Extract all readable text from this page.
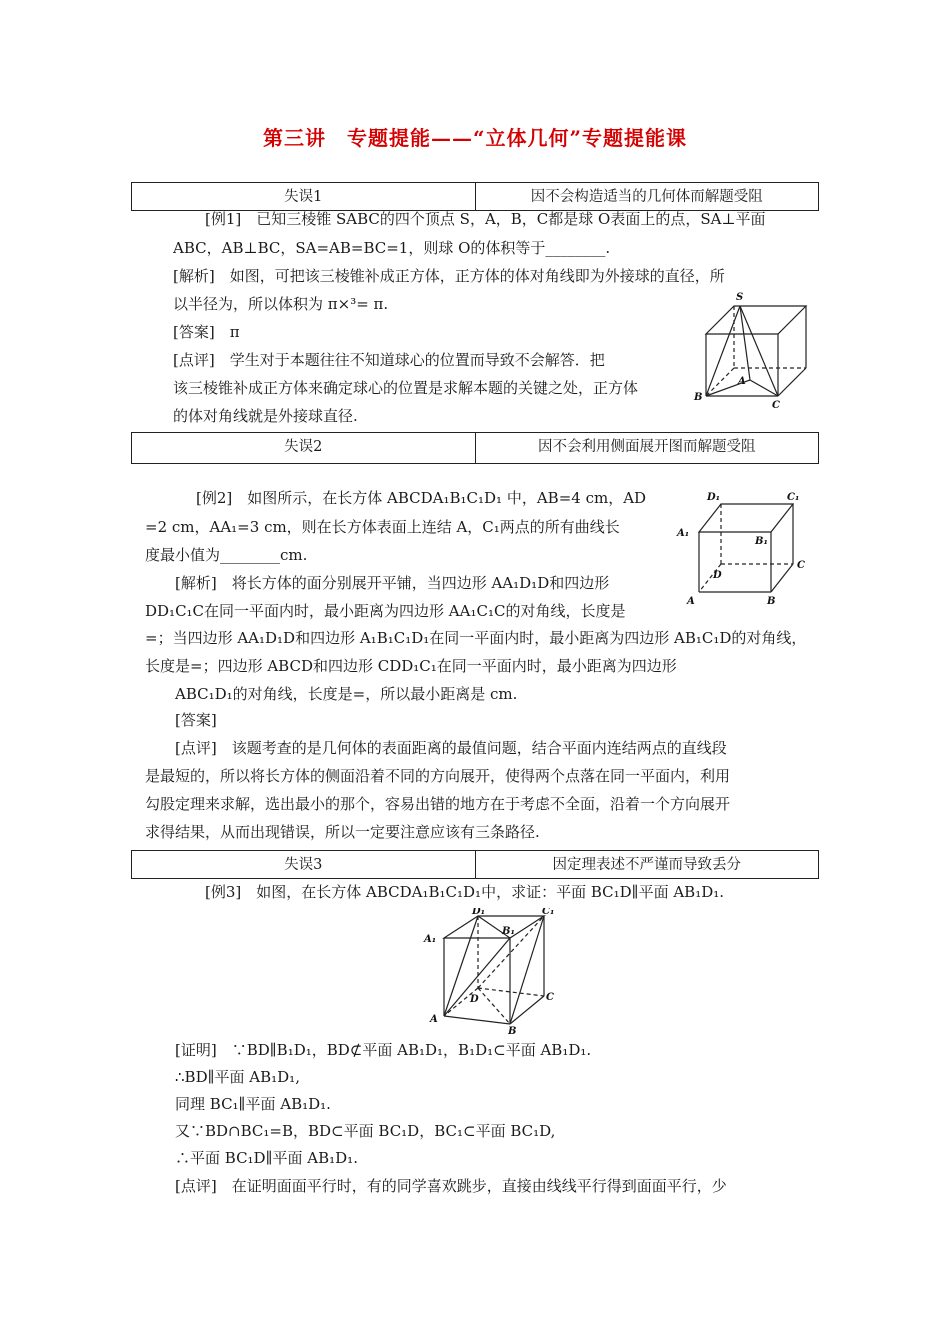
第三讲　专题提能——“立体几何”专题提能课
失误1	因不会构造适当的几何体而解题受阻
[例1]　已知三棱锥 SABC的四个顶点 S，A，B，C都是球 O表面上的点，SA⊥平面
ABC，AB⊥BC，SA=AB=BC=1，则球 O的体积等于________.
[解析]　如图，可把该三棱锥补成正方体，正方体的体对角线即为外接球的直径，所
以半径为，所以体积为 π×³= π.
[答案]　π
[点评]　学生对于本题往往不知道球心的位置而导致不会解答．把
该三棱锥补成正方体来确定球心的位置是求解本题的关键之处，正方体
的体对角线就是外接球直径.
S
A
B
C
失误2	因不会利用侧面展开图而解题受阻
[例2]　如图所示，在长方体 ABCDA₁B₁C₁D₁ 中，AB=4 cm，AD
=2 cm，AA₁=3 cm，则在长方体表面上连结 A，C₁两点的所有曲线长
度最小值为________cm.
[解析]　将长方体的面分别展开平铺，当四边形 AA₁D₁D和四边形
DD₁C₁C在同一平面内时，最小距离为四边形 AA₁C₁C的对角线，长度是
=；当四边形 AA₁D₁D和四边形 A₁B₁C₁D₁在同一平面内时，最小距离为四边形 AB₁C₁D的对角线，
长度是=；四边形 ABCD和四边形 CDD₁C₁在同一平面内时，最小距离为四边形
ABC₁D₁的对角线，长度是=，所以最小距离是 cm.
[答案]
[点评]　该题考查的是几何体的表面距离的最值问题，结合平面内连结两点的直线段
是最短的，所以将长方体的侧面沿着不同的方向展开，使得两个点落在同一平面内，利用
勾股定理来求解，选出最小的那个，容易出错的地方在于考虑不全面，沿着一个方向展开
求得结果，从而出现错误，所以一定要注意应该有三条路径.
D₁	C₁
A₁
B₁
D
C
A	B
失误3	因定理表述不严谨而导致丢分
[例3]　如图，在长方体 ABCDA₁B₁C₁D₁中，求证：平面 BC₁D∥平面 AB₁D₁.
D₁	C₁
A₁
B₁
D	C
A
B
[证明]　∵BD∥B₁D₁，BD⊄平面 AB₁D₁，B₁D₁⊂平面 AB₁D₁.
∴BD∥平面 AB₁D₁,
同理 BC₁∥平面 AB₁D₁.
又∵BD∩BC₁=B，BD⊂平面 BC₁D，BC₁⊂平面 BC₁D,
∴平面 BC₁D∥平面 AB₁D₁.
[点评]　在证明面面平行时，有的同学喜欢跳步，直接由线线平行得到面面平行，少
